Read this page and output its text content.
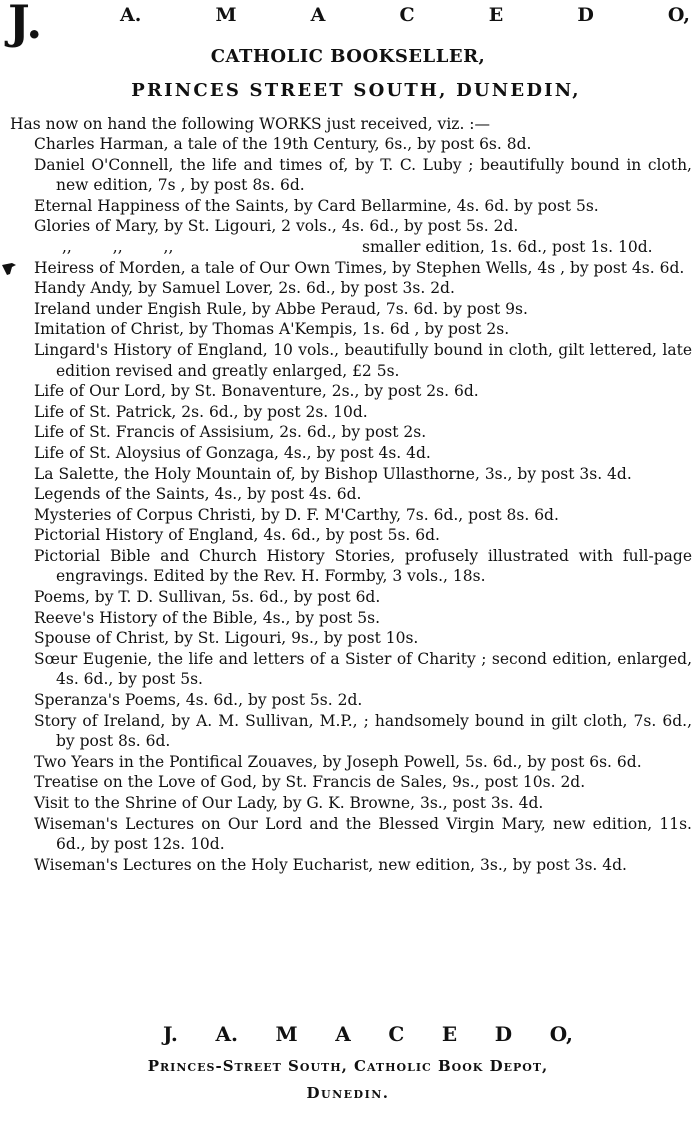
J.	A.	M	A	C	E	D	O,
CATHOLIC BOOKSELLER,
PRINCES STREET SOUTH, DUNEDIN,
Has now on hand the following WORKS just received, viz. :—
Charles Harman, a tale of the 19th Century, 6s., by post 6s. 8d.
Daniel O'Connell, the life and times of, by T. C. Luby ; beautifully bound in cloth, new edition, 7s , by post 8s. 6d.
Eternal Happiness of the Saints, by Card Bellarmine, 4s. 6d. by post 5s.
Glories of Mary, by St. Ligouri, 2 vols., 4s. 6d., by post 5s. 2d.
,, ,, ,,	smaller edition, 1s. 6d., post 1s. 10d.
Heiress of Morden, a tale of Our Own Times, by Stephen Wells, 4s , by post 4s. 6d.
Handy Andy, by Samuel Lover, 2s. 6d., by post 3s. 2d.
Ireland under Engish Rule, by Abbe Peraud, 7s. 6d. by post 9s.
Imitation of Christ, by Thomas A'Kempis, 1s. 6d , by post 2s.
Lingard's History of England, 10 vols., beautifully bound in cloth, gilt lettered, late edition revised and greatly enlarged, £2 5s.
Life of Our Lord, by St. Bonaventure, 2s., by post 2s. 6d.
Life of St. Patrick, 2s. 6d., by post 2s. 10d.
Life of St. Francis of Assisium, 2s. 6d., by post 2s.
Life of St. Aloysius of Gonzaga, 4s., by post 4s. 4d.
La Salette, the Holy Mountain of, by Bishop Ullasthorne, 3s., by post 3s. 4d.
Legends of the Saints, 4s., by post 4s. 6d.
Mysteries of Corpus Christi, by D. F. M'Carthy, 7s. 6d., post 8s. 6d.
Pictorial History of England, 4s. 6d., by post 5s. 6d.
Pictorial Bible and Church History Stories, profusely illustrated with full-page engravings. Edited by the Rev. H. Formby, 3 vols., 18s.
Poems, by T. D. Sullivan, 5s. 6d., by post 6d.
Reeve's History of the Bible, 4s., by post 5s.
Spouse of Christ, by St. Ligouri, 9s., by post 10s.
Sœur Eugenie, the life and letters of a Sister of Charity ; second edition, enlarged, 4s. 6d., by post 5s.
Speranza's Poems, 4s. 6d., by post 5s. 2d.
Story of Ireland, by A. M. Sullivan, M.P., ; handsomely bound in gilt cloth, 7s. 6d., by post 8s. 6d.
Two Years in the Pontifical Zouaves, by Joseph Powell, 5s. 6d., by post 6s. 6d.
Treatise on the Love of God, by St. Francis de Sales, 9s., post 10s. 2d.
Visit to the Shrine of Our Lady, by G. K. Browne, 3s., post 3s. 4d.
Wiseman's Lectures on Our Lord and the Blessed Virgin Mary, new edition, 11s. 6d., by post 12s. 10d.
Wiseman's Lectures on the Holy Eucharist, new edition, 3s., by post 3s. 4d.
J. A. M A C E D O,
Princes-Street South, Catholic Book Depot,
Dunedin.
